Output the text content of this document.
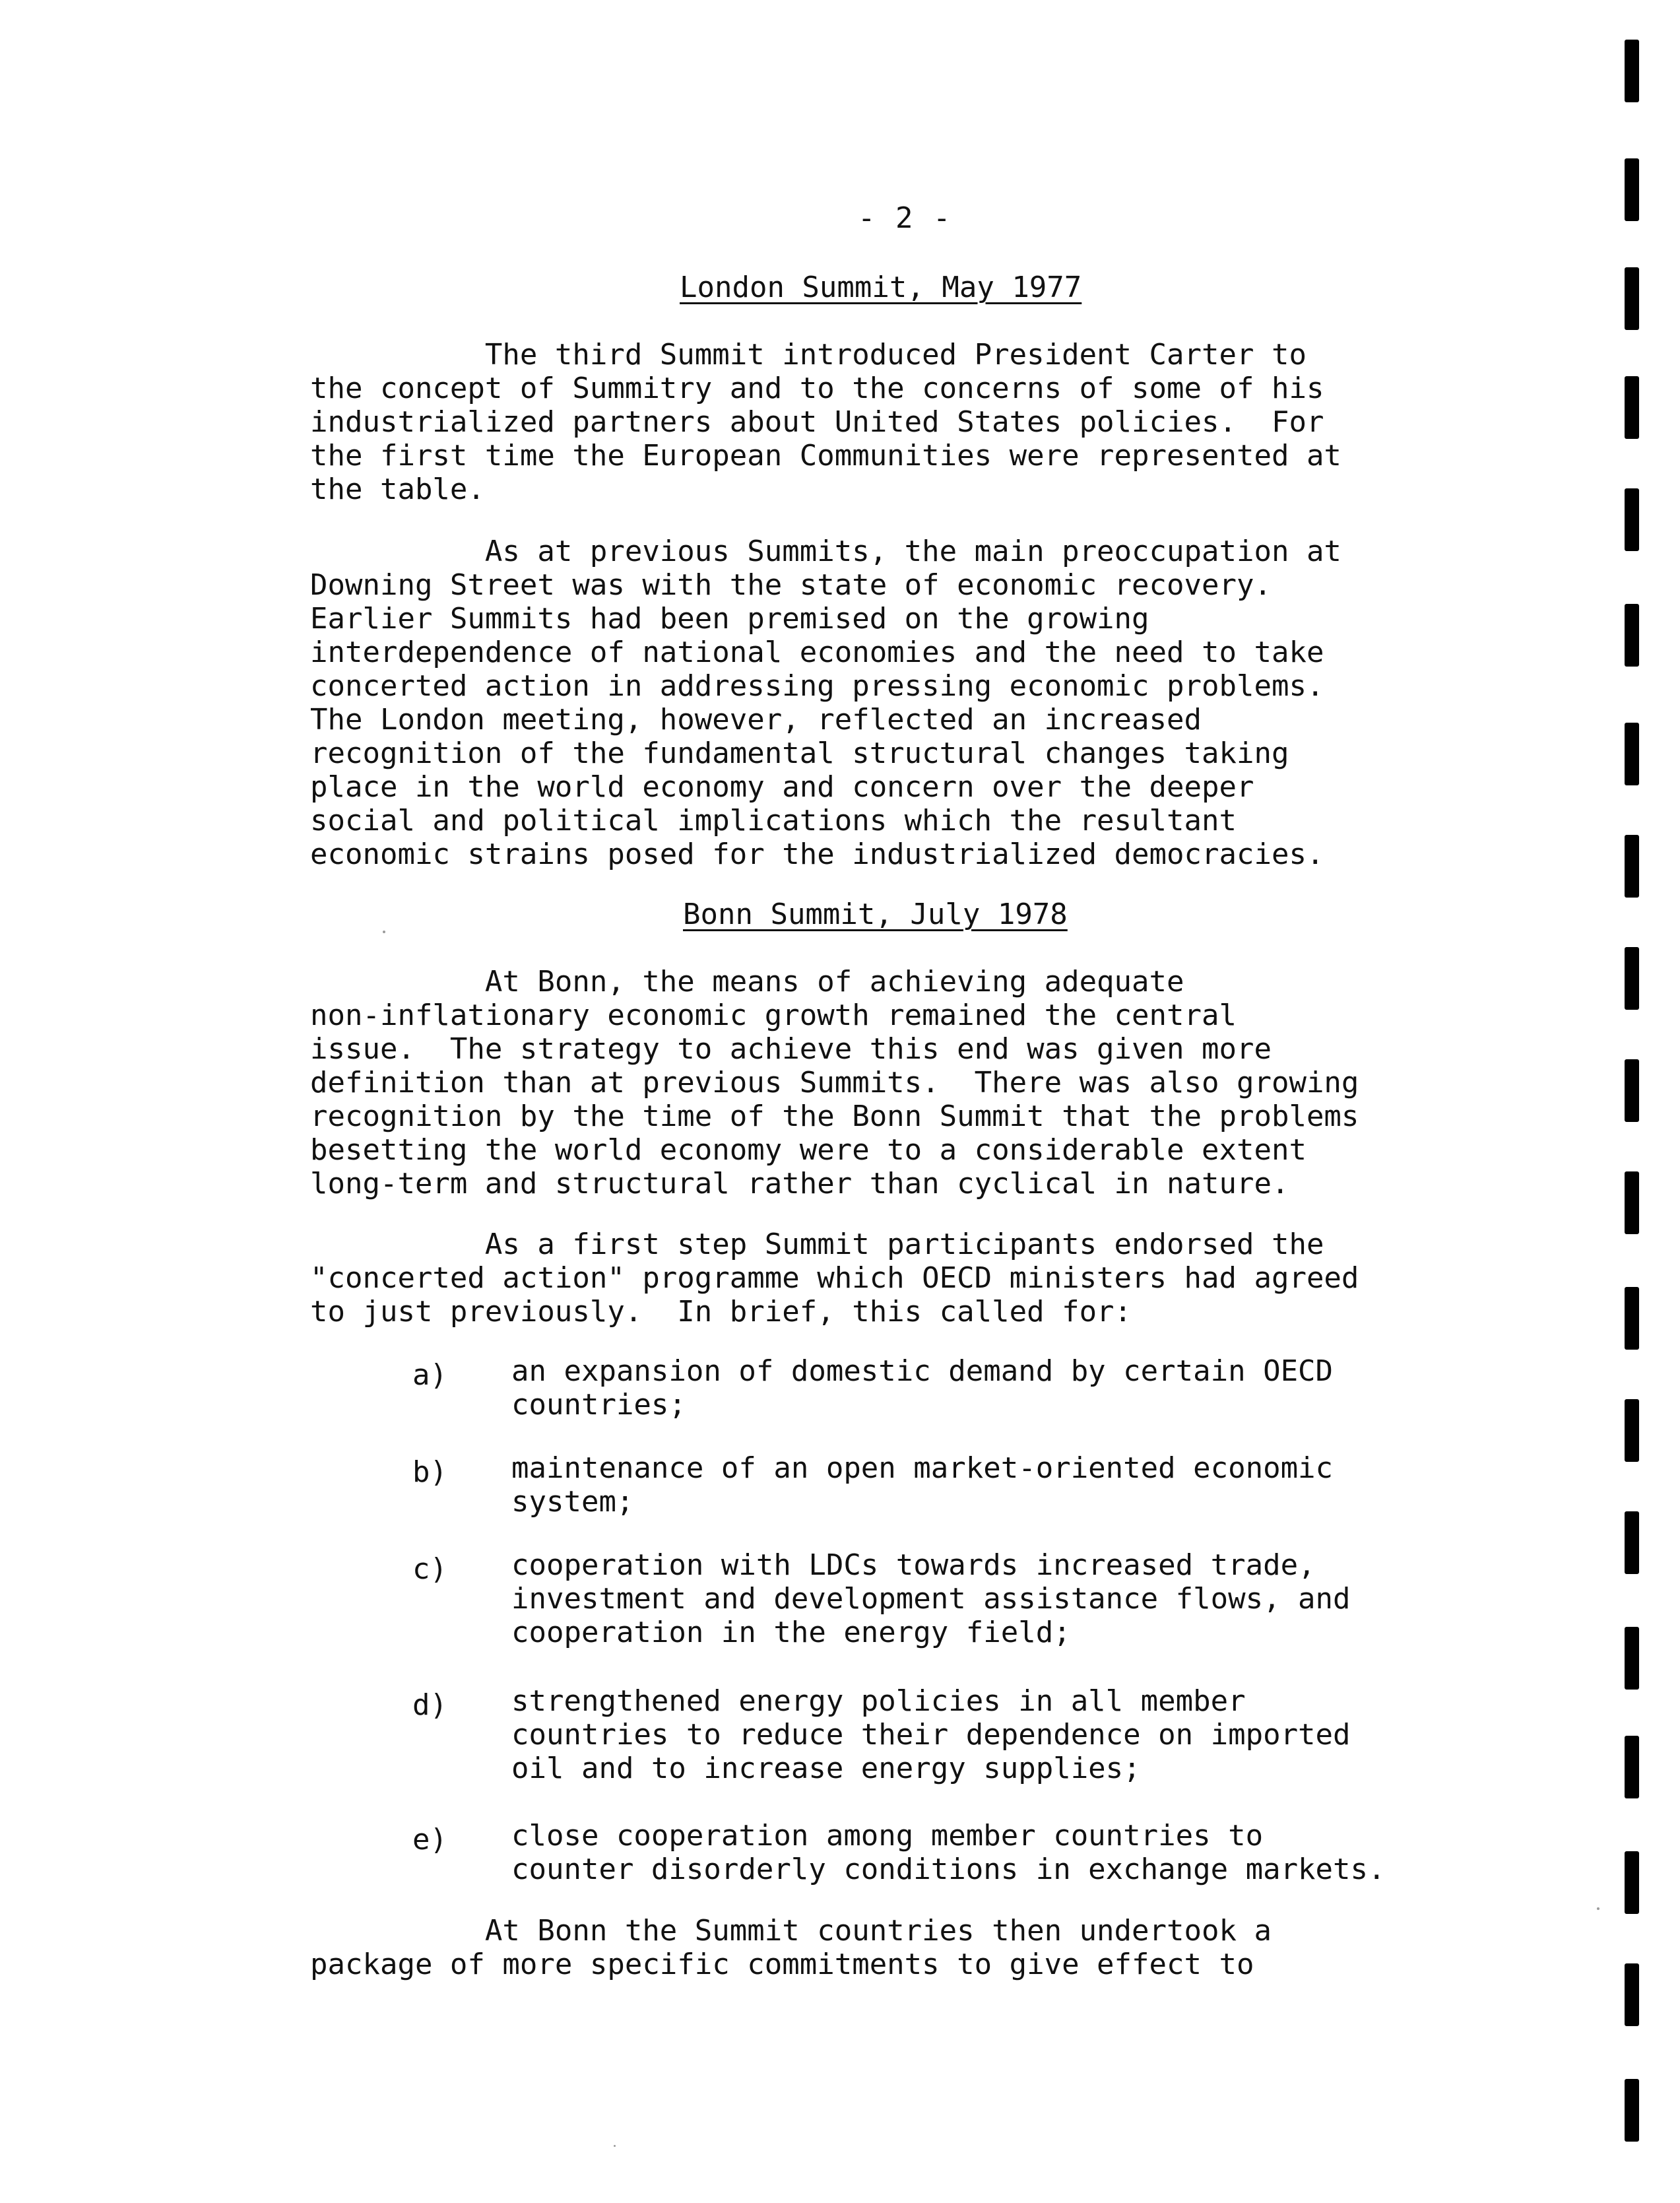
- 2 -
London Summit, May 1977
The third Summit introduced President Carter to
the concept of Summitry and to the concerns of some of his
industrialized partners about United States policies.  For
the first time the European Communities were represented at
the table.
As at previous Summits, the main preoccupation at
Downing Street was with the state of economic recovery.
Earlier Summits had been premised on the growing
interdependence of national economies and the need to take
concerted action in addressing pressing economic problems.
The London meeting, however, reflected an increased
recognition of the fundamental structural changes taking
place in the world economy and concern over the deeper
social and political implications which the resultant
economic strains posed for the industrialized democracies.
Bonn Summit, July 1978
At Bonn, the means of achieving adequate
non-inflationary economic growth remained the central
issue.  The strategy to achieve this end was given more
definition than at previous Summits.  There was also growing
recognition by the time of the Bonn Summit that the problems
besetting the world economy were to a considerable extent
long-term and structural rather than cyclical in nature.
As a first step Summit participants endorsed the
"concerted action" programme which OECD ministers had agreed
to just previously.  In brief, this called for:
a) an expansion of domestic demand by certain OECD
countries;
b) maintenance of an open market-oriented economic
system;
c) cooperation with LDCs towards increased trade,
investment and development assistance flows, and
cooperation in the energy field;
d) strengthened energy policies in all member
countries to reduce their dependence on imported
oil and to increase energy supplies;
e) close cooperation among member countries to
counter disorderly conditions in exchange markets.
At Bonn the Summit countries then undertook a
package of more specific commitments to give effect to
